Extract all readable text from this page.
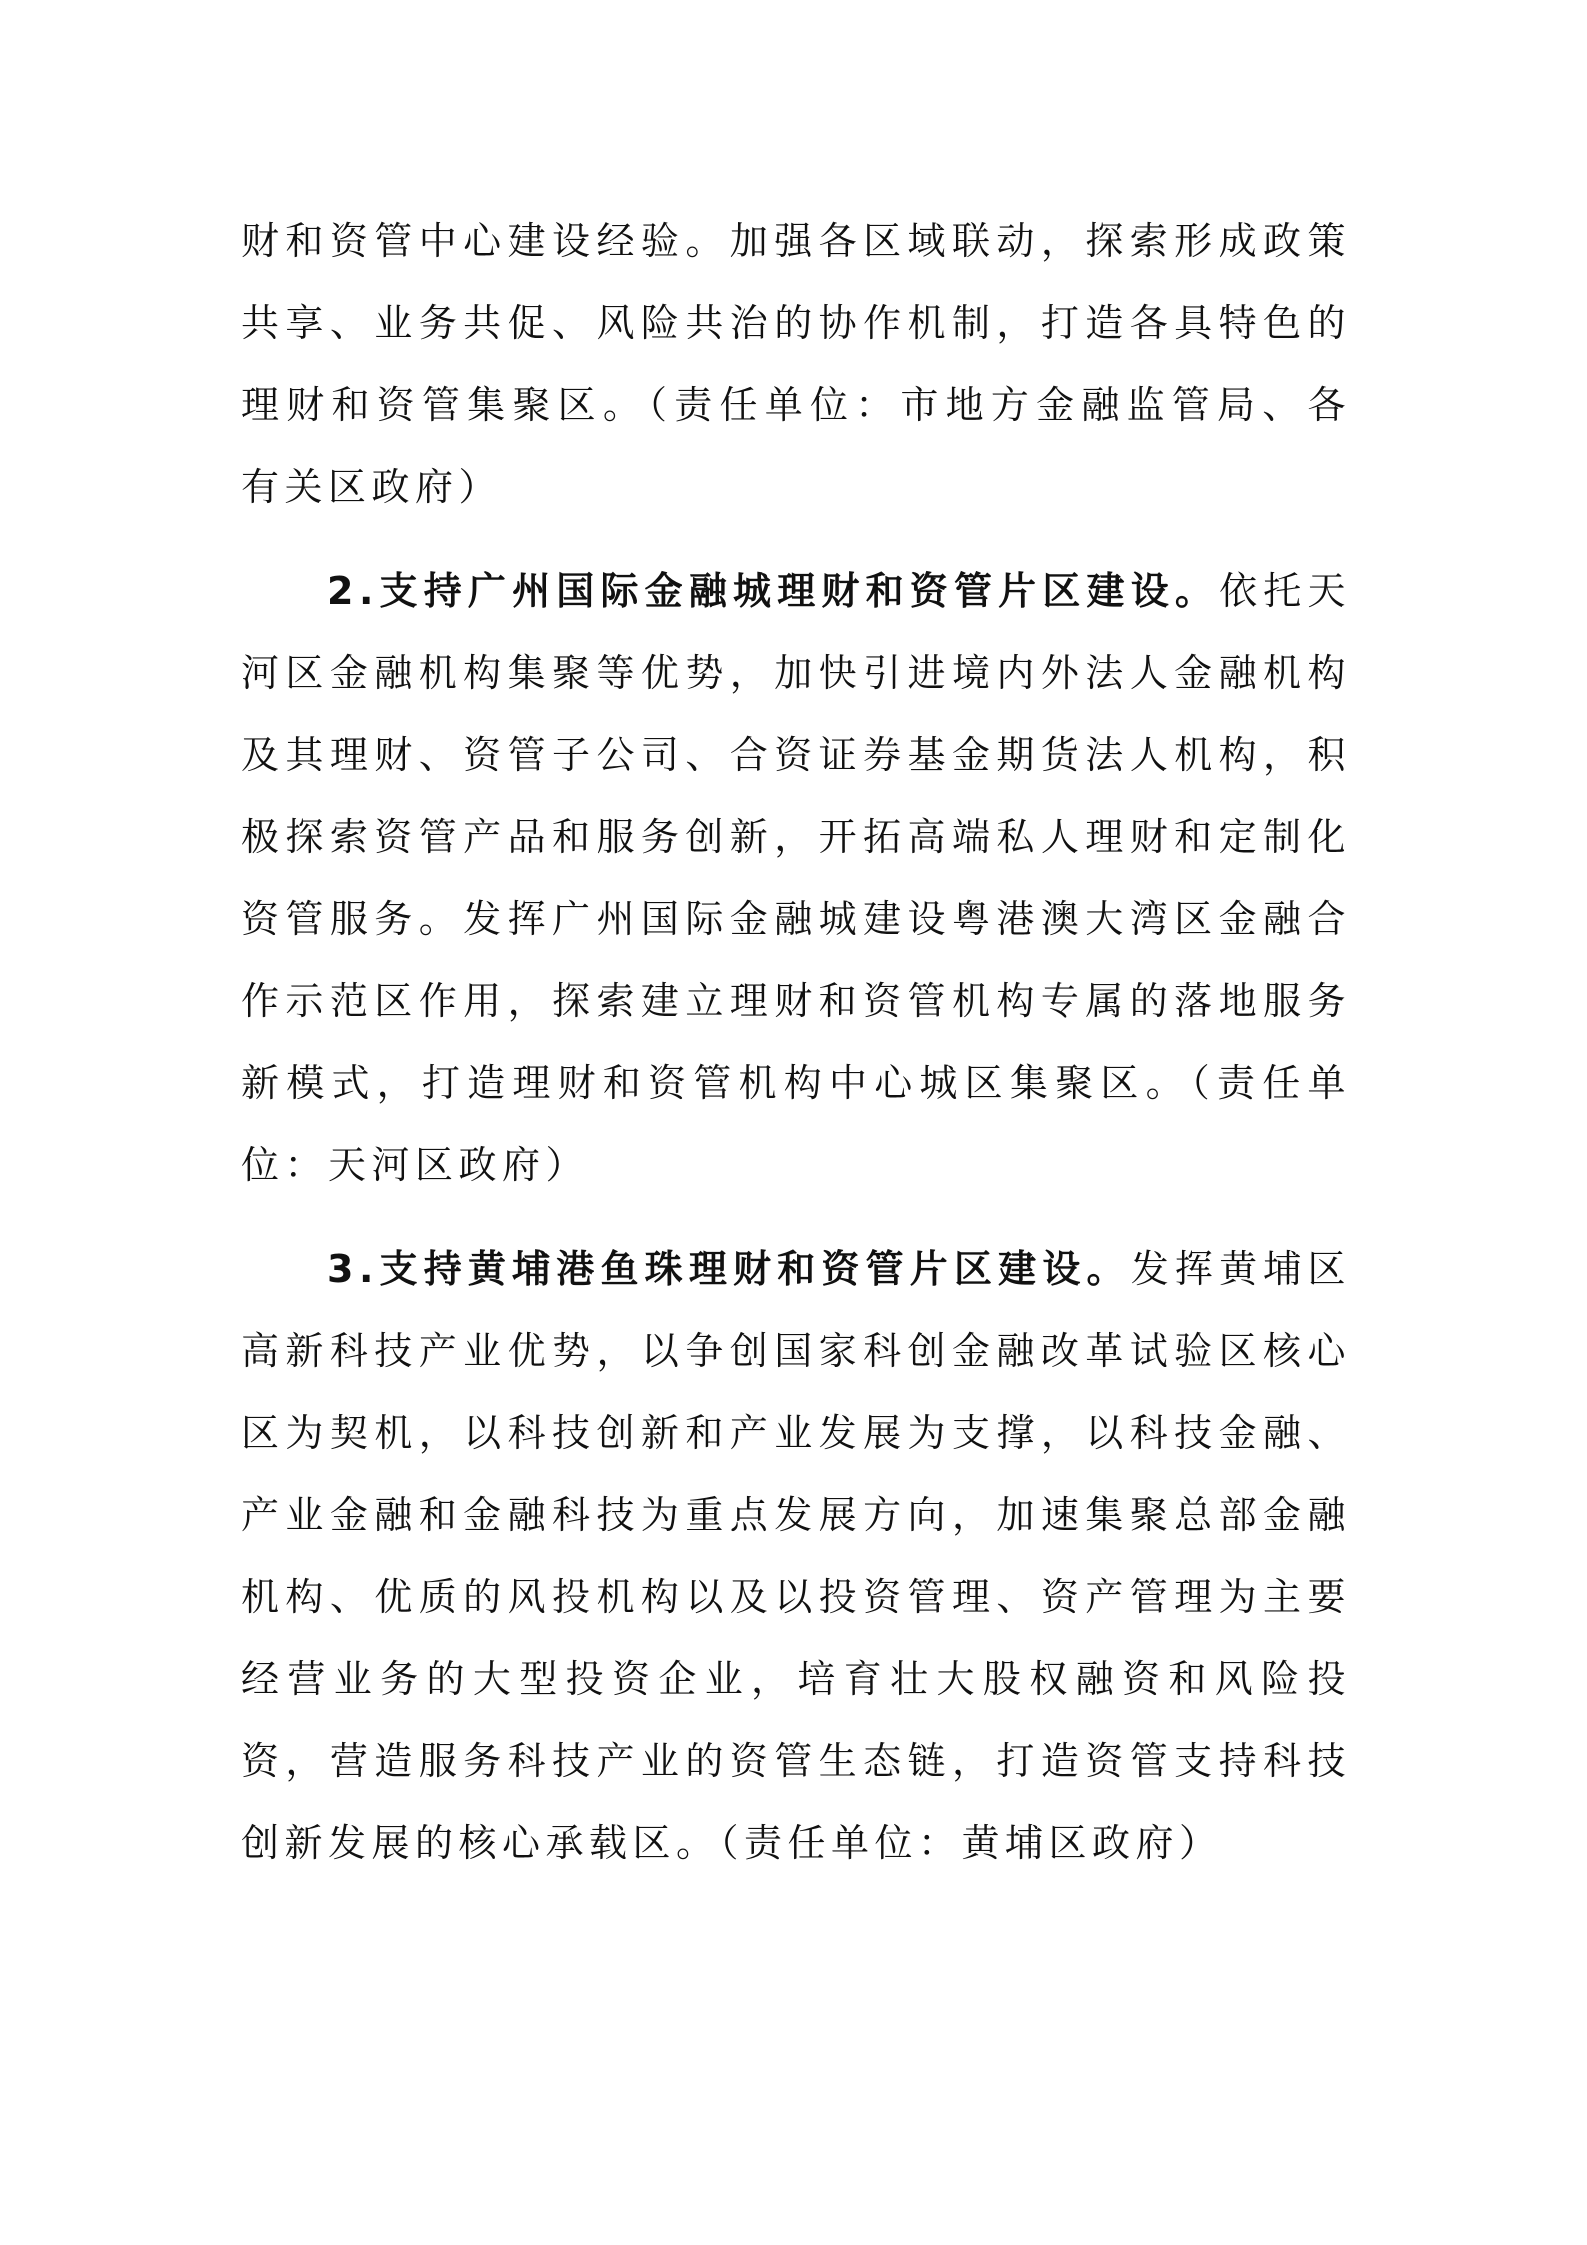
财和资管中心建设经验。加强各区域联动，探索形成政策共享、业务共促、风险共治的协作机制，打造各具特色的理财和资管集聚区。（责任单位：市地方金融监管局、各有关区政府）

2.支持广州国际金融城理财和资管片区建设。依托天河区金融机构集聚等优势，加快引进境内外法人金融机构及其理财、资管子公司、合资证券基金期货法人机构，积极探索资管产品和服务创新，开拓高端私人理财和定制化资管服务。发挥广州国际金融城建设粤港澳大湾区金融合作示范区作用，探索建立理财和资管机构专属的落地服务新模式，打造理财和资管机构中心城区集聚区。（责任单位：天河区政府）

3.支持黄埔港鱼珠理财和资管片区建设。发挥黄埔区高新科技产业优势，以争创国家科创金融改革试验区核心区为契机，以科技创新和产业发展为支撑，以科技金融、产业金融和金融科技为重点发展方向，加速集聚总部金融机构、优质的风投机构以及以投资管理、资产管理为主要经营业务的大型投资企业，培育壮大股权融资和风险投资，营造服务科技产业的资管生态链，打造资管支持科技创新发展的核心承载区。（责任单位：黄埔区政府）
